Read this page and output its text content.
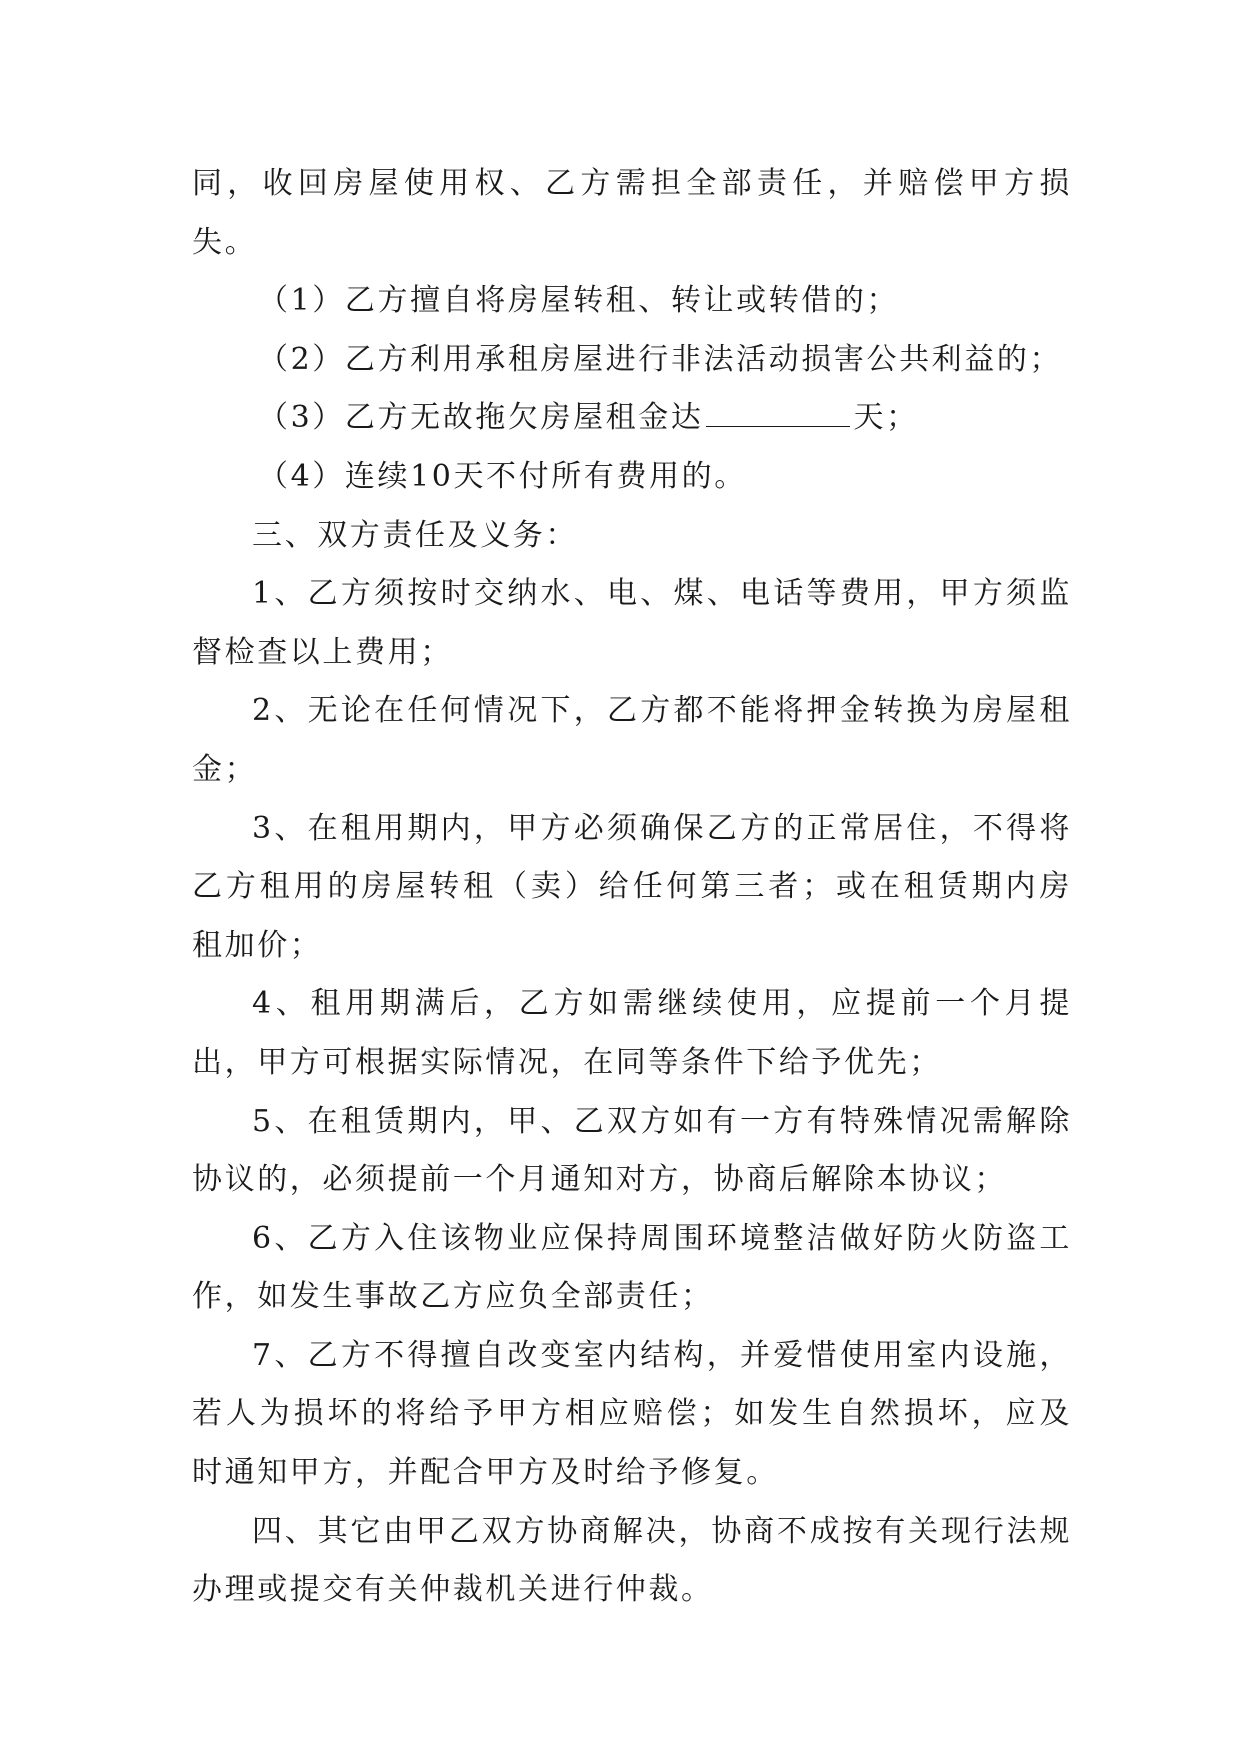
同，收回房屋使用权、乙方需担全部责任，并赔偿甲方损失。

（1）乙方擅自将房屋转租、转让或转借的；

（2）乙方利用承租房屋进行非法活动损害公共利益的；

（3）乙方无故拖欠房屋租金达	天；

（4）连续10天不付所有费用的。

三、双方责任及义务：

1、乙方须按时交纳水、电、煤、电话等费用，甲方须监督检查以上费用；

2、无论在任何情况下，乙方都不能将押金转换为房屋租金；

3、在租用期内，甲方必须确保乙方的正常居住，不得将乙方租用的房屋转租（卖）给任何第三者；或在租赁期内房租加价；

4、租用期满后，乙方如需继续使用，应提前一个月提出，甲方可根据实际情况，在同等条件下给予优先；

5、在租赁期内，甲、乙双方如有一方有特殊情况需解除协议的，必须提前一个月通知对方，协商后解除本协议；

6、乙方入住该物业应保持周围环境整洁做好防火防盗工作，如发生事故乙方应负全部责任；

7、乙方不得擅自改变室内结构，并爱惜使用室内设施，若人为损坏的将给予甲方相应赔偿；如发生自然损坏，应及时通知甲方，并配合甲方及时给予修复。

四、其它由甲乙双方协商解决，协商不成按有关现行法规办理或提交有关仲裁机关进行仲裁。
